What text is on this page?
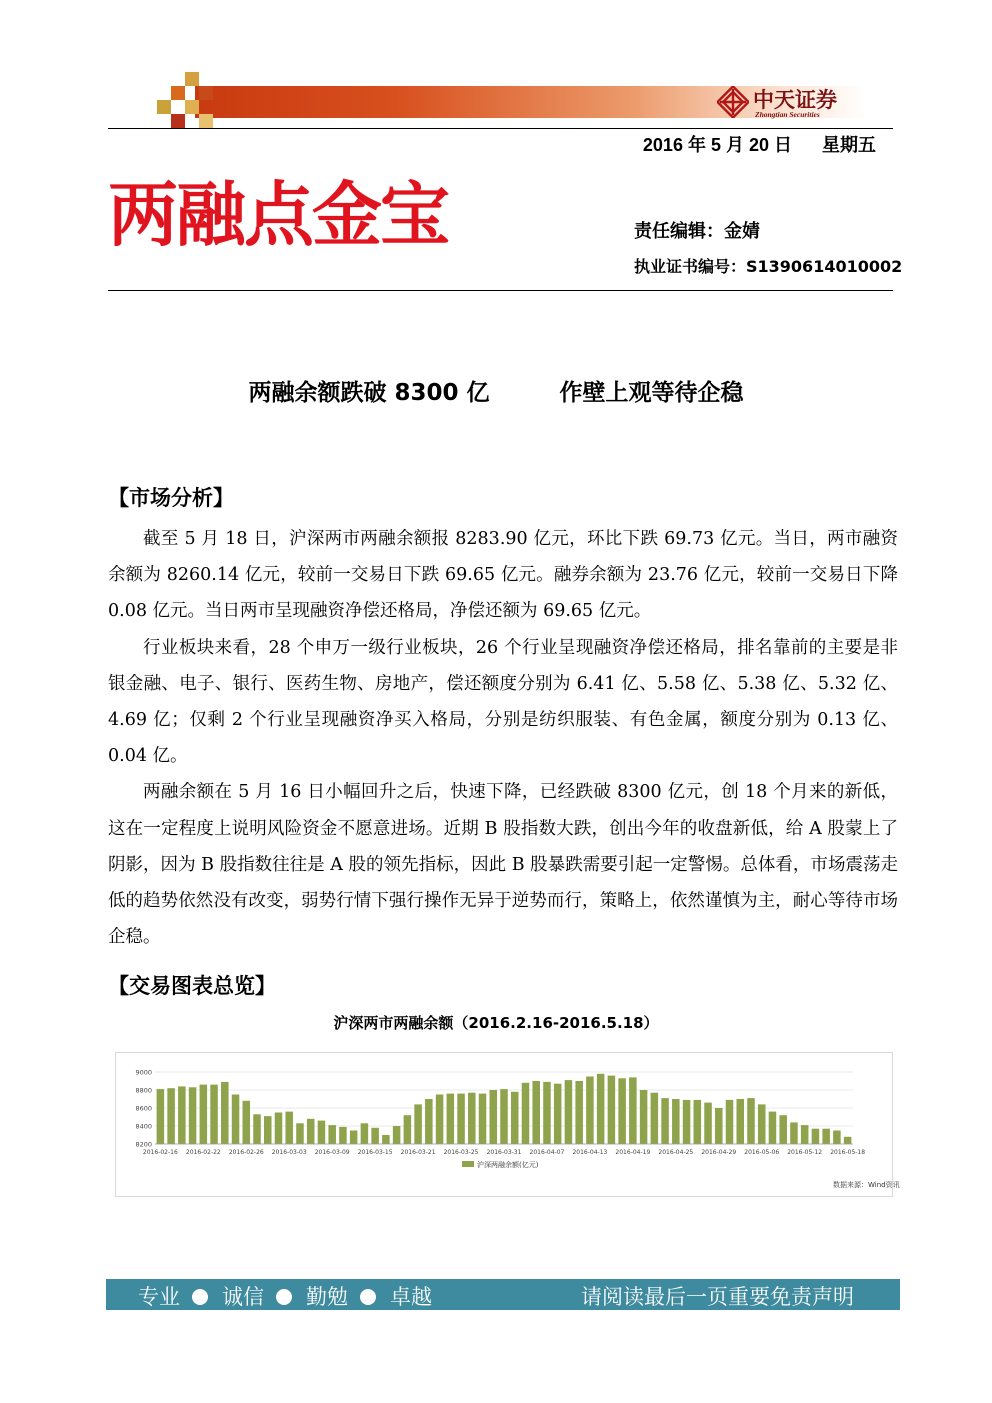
中天证券
Zhongtian Securities
2016 年 5 月 20 日 星期五
两融点金宝	责任编辑：金婧
执业证书编号：S1390614010002
两融余额跌破 8300 亿	作壁上观等待企稳
【市场分析】

截至 5 月 18 日，沪深两市两融余额报 8283.90 亿元，环比下跌 69.73 亿元。当日，两市融资余额为 8260.14 亿元，较前一交易日下跌 69.65 亿元。融券余额为 23.76 亿元，较前一交易日下降 0.08 亿元。当日两市呈现融资净偿还格局，净偿还额为 69.65 亿元。

行业板块来看，28 个申万一级行业板块，26 个行业呈现融资净偿还格局，排名靠前的主要是非银金融、电子、银行、医药生物、房地产，偿还额度分别为 6.41 亿、5.58 亿、5.38 亿、5.32 亿、4.69 亿；仅剩 2 个行业呈现融资净买入格局，分别是纺织服装、有色金属，额度分别为 0.13 亿、0.04 亿。

两融余额在 5 月 16 日小幅回升之后，快速下降，已经跌破 8300 亿元，创 18 个月来的新低，这在一定程度上说明风险资金不愿意进场。近期 B 股指数大跌，创出今年的收盘新低，给 A 股蒙上了阴影，因为 B 股指数往往是 A 股的领先指标，因此 B 股暴跌需要引起一定警惕。总体看，市场震荡走低的趋势依然没有改变，弱势行情下强行操作无异于逆势而行，策略上，依然谨慎为主，耐心等待市场企稳。

【交易图表总览】
沪深两市两融余额（2016.2.16-2016.5.18）
9000
8800
8600
8400
8200
2016-02-16 2016-02-22 2016-02-26 2016-03-03 2016-03-09 2016-03-15 2016-03-21 2016-03-25 2016-03-31 2016-04-07 2016-04-13 2016-04-19 2016-04-25 2016-04-29 2016-05-06 2016-05-12 2016-05-18
沪深两融余额(亿元)
数据来源：Wind资讯
专业 诚信 勤勉 卓越	请阅读最后一页重要免责声明
